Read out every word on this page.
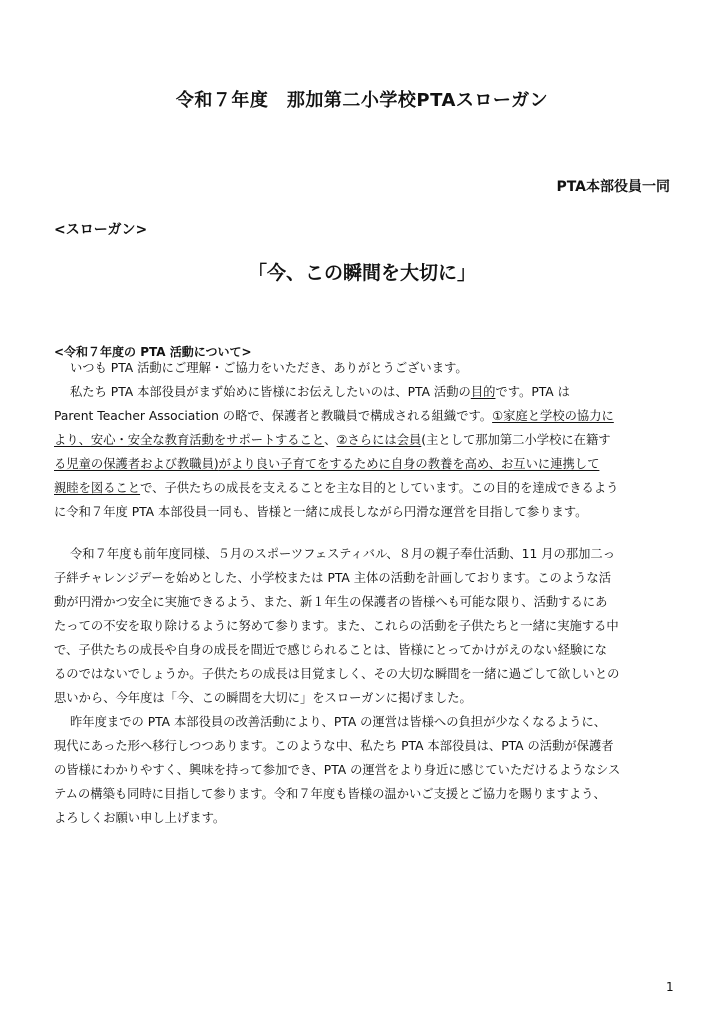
令和７年度　那加第二小学校PTAスローガン
PTA本部役員一同
<スローガン>
「今、この瞬間を大切に」
<令和７年度の PTA 活動について>
いつも PTA 活動にご理解・ご協力をいただき、ありがとうございます。
私たち PTA 本部役員がまず始めに皆様にお伝えしたいのは、PTA 活動の目的です。PTA は
Parent Teacher Association の略で、保護者と教職員で構成される組織です。①家庭と学校の協力に
より、安心・安全な教育活動をサポートすること、②さらには会員(主として那加第二小学校に在籍す
る児童の保護者および教職員)がより良い子育てをするために自身の教養を高め、お互いに連携して
親睦を図ることで、子供たちの成長を支えることを主な目的としています。この目的を達成できるよう
に令和７年度 PTA 本部役員一同も、皆様と一緒に成長しながら円滑な運営を目指して参ります。
令和７年度も前年度同様、５月のスポーツフェスティバル、８月の親子奉仕活動、11 月の那加二っ
子絆チャレンジデーを始めとした、小学校または PTA 主体の活動を計画しております。このような活
動が円滑かつ安全に実施できるよう、また、新１年生の保護者の皆様へも可能な限り、活動するにあ
たっての不安を取り除けるように努めて参ります。また、これらの活動を子供たちと一緒に実施する中
で、子供たちの成長や自身の成長を間近で感じられることは、皆様にとってかけがえのない経験にな
るのではないでしょうか。子供たちの成長は目覚ましく、その大切な瞬間を一緒に過ごして欲しいとの
思いから、今年度は「今、この瞬間を大切に」をスローガンに掲げました。
昨年度までの PTA 本部役員の改善活動により、PTA の運営は皆様への負担が少なくなるように、
現代にあった形へ移行しつつあります。このような中、私たち PTA 本部役員は、PTA の活動が保護者
の皆様にわかりやすく、興味を持って参加でき、PTA の運営をより身近に感じていただけるようなシス
テムの構築も同時に目指して参ります。令和７年度も皆様の温かいご支援とご協力を賜りますよう、
よろしくお願い申し上げます。
1
